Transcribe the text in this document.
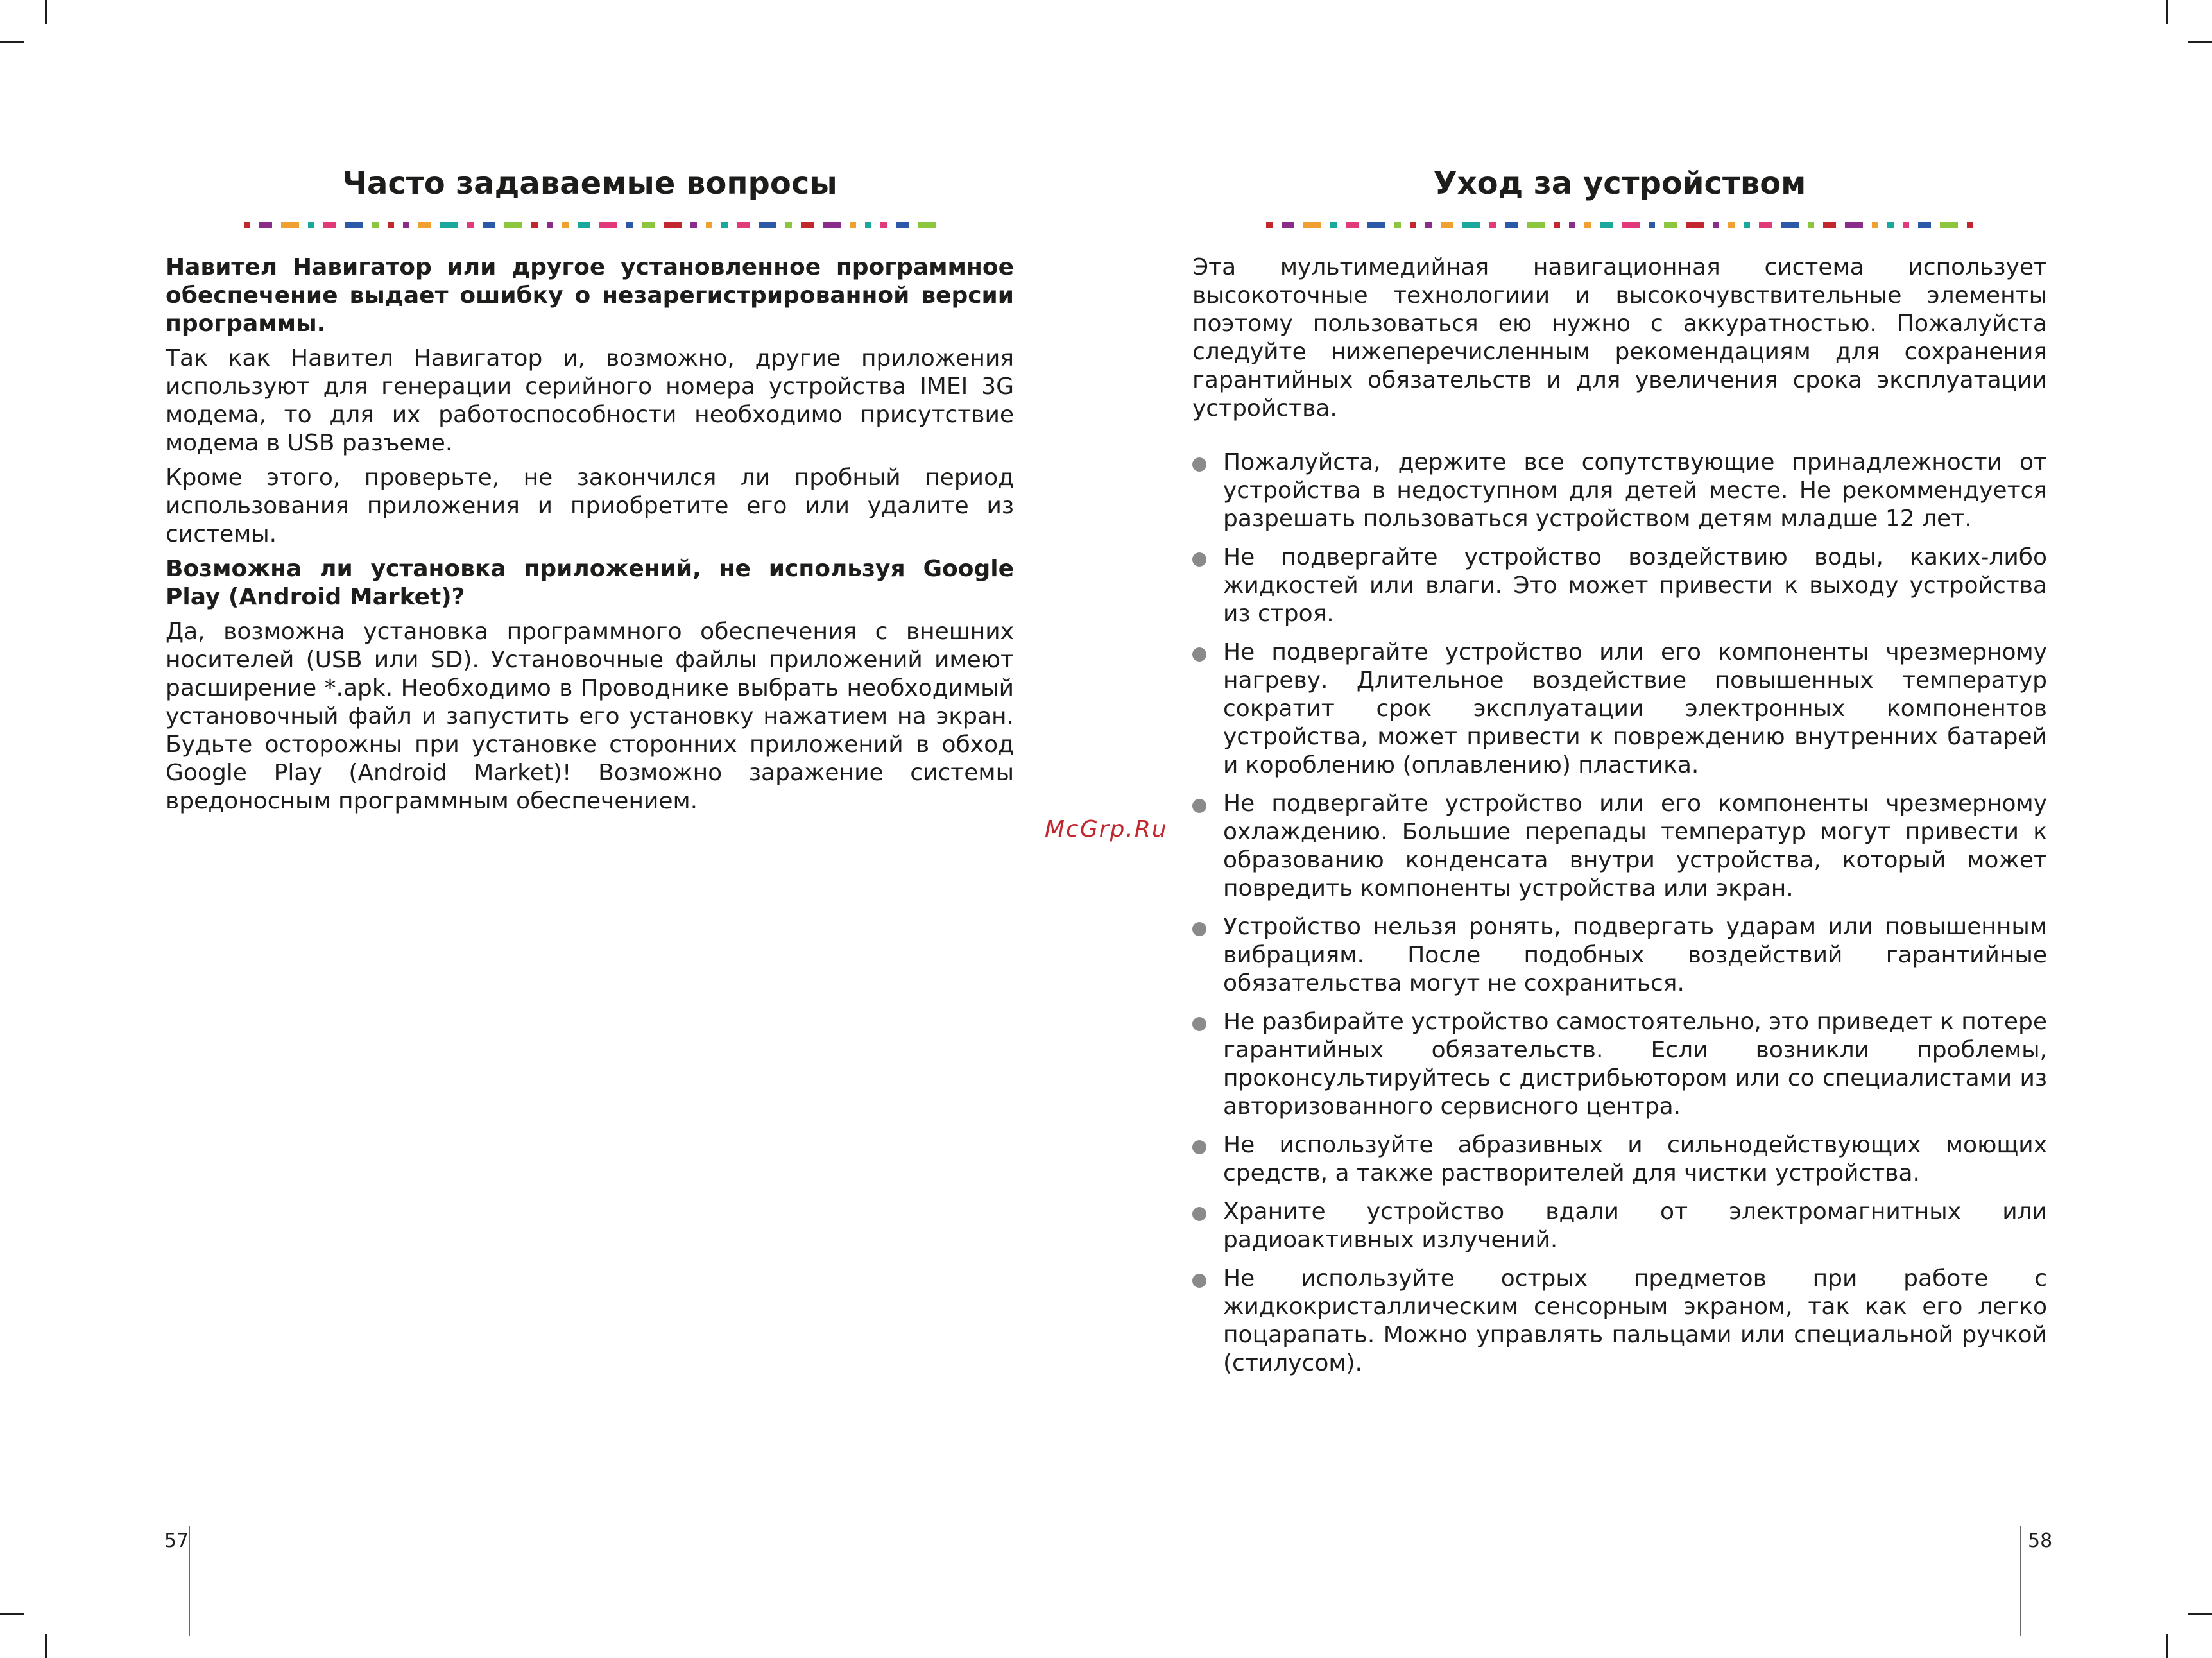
Часто задаваемые вопросы

Навител Навигатор или другое установленное программное обеспечение выдает ошибку о незарегистрированной версии программы.

Так как Навител Навигатор и, возможно, другие приложения используют для генерации серийного номера устройства IMEI 3G модема, то для их работоспособности необходимо присутствие модема в USB разъеме.

Кроме этого, проверьте, не закончился ли пробный период использования приложения и приобретите его или удалите из системы.

Возможна ли установка приложений, не используя Google Play (Android Market)?

Да, возможна установка программного обеспечения с внешних носителей (USB или SD). Установочные файлы приложений имеют расширение *.apk. Необходимо в Проводнике выбрать необходимый установочный файл и запустить его установку нажатием на экран. Будьте осторожны при установке сторонних приложений в обход Google Play (Android Market)! Возможно заражение системы вредоносным программным обеспечением.

57
Уход за устройством

Эта мультимедийная навигационная система использует высокоточные технологиии и высокочувствительные элементы поэтому пользоваться ею нужно с аккуратностью. Пожалуйста следуйте нижеперечисленным рекомендациям для сохранения гарантийных обязательств и для увеличения срока эксплуатации устройства.

Пожалуйста, держите все сопутствующие принадлежности от устройства в недоступном для детей месте. Не рекоммендуется разрешать пользоваться устройством детям младше 12 лет.
Не подвергайте устройство воздействию воды, каких-либо жидкостей или влаги. Это может привести к выходу устройства из строя.
Не подвергайте устройство или его компоненты чрезмерному нагреву. Длительное воздействие повышенных температур сократит срок эксплуатации электронных компонентов устройства, может привести к повреждению внутренних батарей и короблению (оплавлению) пластика.
Не подвергайте устройство или его компоненты чрезмерному охлаждению. Большие перепады температур могут привести к образованию конденсата внутри устройства, который может повредить компоненты устройства или экран.
Устройство нельзя ронять, подвергать ударам или повышенным вибрациям. После подобных воздействий гарантийные обязательства могут не сохраниться.
Не разбирайте устройство самостоятельно, это приведет к потере гарантийных обязательств. Если возникли проблемы, проконсультируйтесь с дистрибьютором или со специалистами из авторизованного сервисного центра.
Не используйте абразивных и сильнодействующих моющих средств, а также растворителей для чистки устройства.
Храните устройство вдали от электромагнитных или радиоактивных излучений.
Не используйте острых предметов при работе с жидкокристаллическим сенсорным экраном, так как его легко поцарапать. Можно управлять пальцами или специальной ручкой (стилусом).
58
McGrp.Ru
